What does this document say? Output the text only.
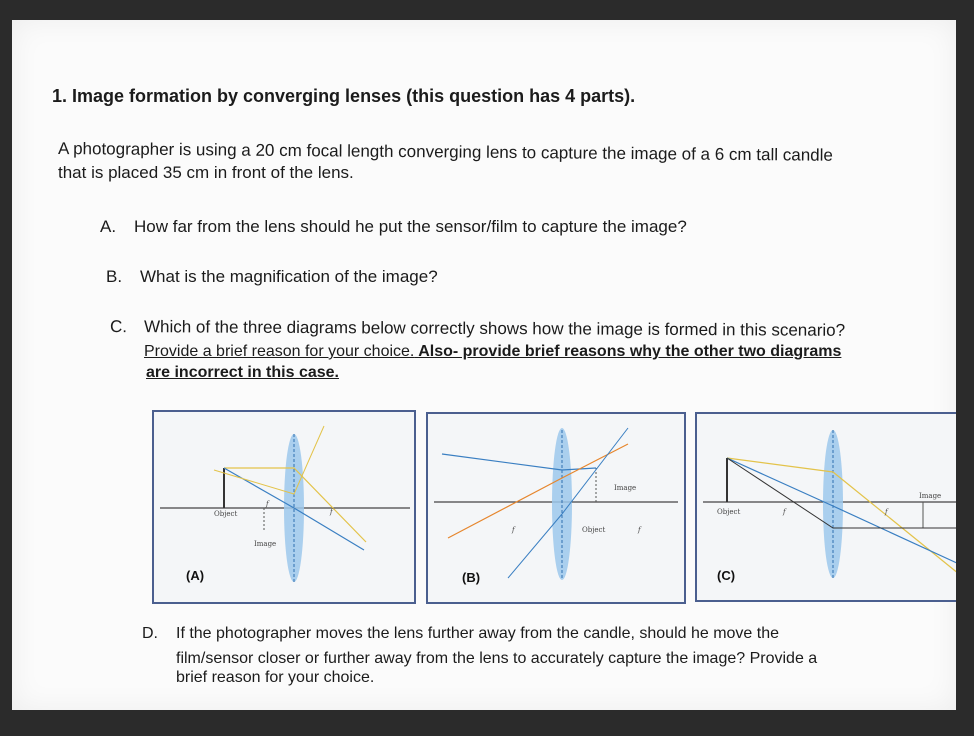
1. Image formation by converging lenses (this question has 4 parts).
A photographer is using a 20 cm focal length converging lens to capture the image of a 6 cm tall candle
that is placed 35 cm in front of the lens.
A. How far from the lens should he put the sensor/film to capture the image?
B. What is the magnification of the image?
C. Which of the three diagrams below correctly shows how the image is formed in this scenario?
Provide a brief reason for your choice. Also- provide brief reasons why the other two diagrams
are incorrect in this case.
Object
Image
f
f
(A)
Object
Image
f	f
(B)
Object
Image
f	f
(C)
D. If the photographer moves the lens further away from the candle, should he move the
film/sensor closer or further away from the lens to accurately capture the image? Provide a
brief reason for your choice.
